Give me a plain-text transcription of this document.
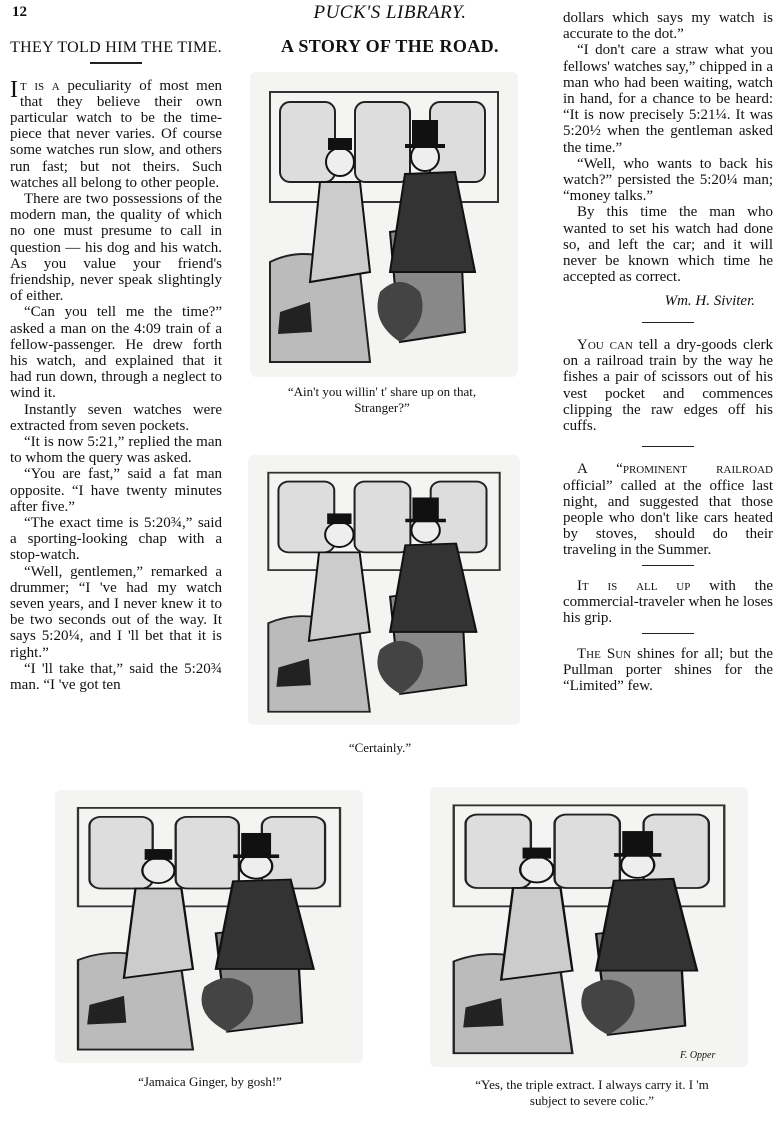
12	PUCK'S LIBRARY.
THEY TOLD HIM THE TIME.

It is a peculiarity of most men that they believe their own particular watch to be the time-piece that never varies. Of course some watches run slow, and others run fast; but not theirs. Such watches all belong to other people.

There are two possessions of the modern man, the quality of which no one must presume to call in question — his dog and his watch. As you value your friend's friendship, never speak slightingly of either.

“Can you tell me the time?” asked a man on the 4:09 train of a fellow-passenger. He drew forth his watch, and explained that it had run down, through a neglect to wind it.

Instantly seven watches were extracted from seven pockets.

“It is now 5:21,” replied the man to whom the query was asked.

“You are fast,” said a fat man opposite. “I have twenty minutes after five.”

“The exact time is 5:20¾,” said a sporting-looking chap with a stop-watch.

“Well, gentlemen,” remarked a drummer; “I 've had my watch seven years, and I never knew it to be two seconds out of the way. It says 5:20¼, and I 'll bet that it is right.”

“I 'll take that,” said the 5:20¾ man. “I 've got ten

A STORY OF THE ROAD.
“Ain't you willin' t' share up on that, Stranger?”
“Certainly.”

dollars which says my watch is accurate to the dot.”

“I don't care a straw what you fellows' watches say,” chipped in a man who had been waiting, watch in hand, for a chance to be heard: “It is now precisely 5:21¼. It was 5:20½ when the gentleman asked the time.”

“Well, who wants to back his watch?” persisted the 5:20¼ man; “money talks.”

By this time the man who wanted to set his watch had done so, and left the car; and it will never be known which time he accepted as correct.

Wm. H. Siviter.

You can tell a dry-goods clerk on a railroad train by the way he fishes a pair of scissors out of his vest pocket and commences clipping the raw edges off his cuffs.

A “prominent railroad official” called at the office last night, and suggested that those people who don't like cars heated by stoves, should do their traveling in the Summer.

It is all up with the commercial-traveler when he loses his grip.

The Sun shines for all; but the Pullman porter shines for the “Limited” few.

“Jamaica Ginger, by gosh!”
F. Opper
“Yes, the triple extract. I always carry it. I 'm subject to severe colic.”
